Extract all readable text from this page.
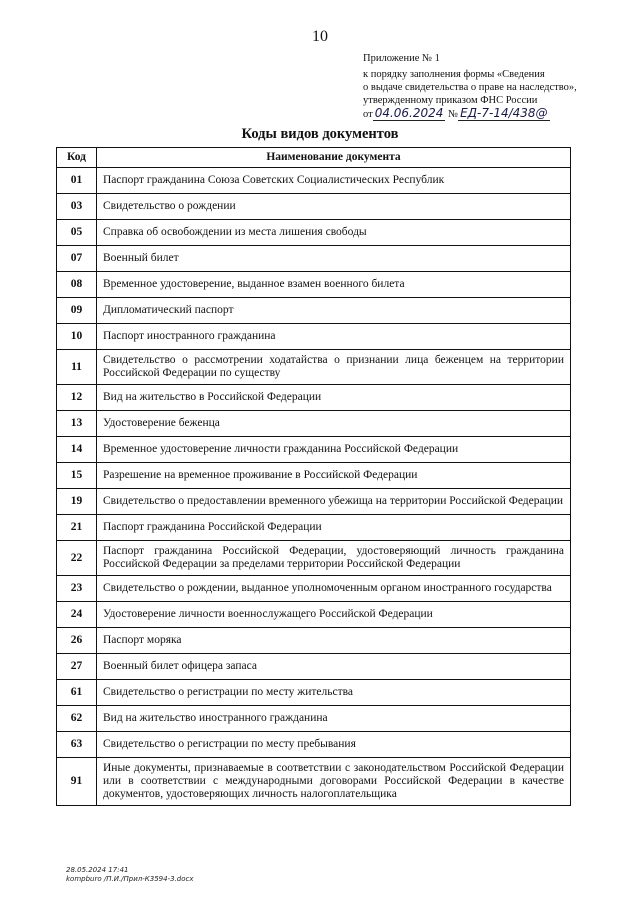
10
Приложение № 1
к порядку заполнения формы «Сведения
о выдаче свидетельства о праве на наследство»,
утвержденному приказом ФНС России
от 04.06.2024 № ЕД-7-14/438@
Коды видов документов
Код	Наименование документа
01	Паспорт гражданина Союза Советских Социалистических Республик
03	Свидетельство о рождении
05	Справка об освобождении из места лишения свободы
07	Военный билет
08	Временное удостоверение, выданное взамен военного билета
09	Дипломатический паспорт
10	Паспорт иностранного гражданина
11	Свидетельство о рассмотрении ходатайства о признании лица беженцем на территории Российской Федерации по существу
12	Вид на жительство в Российской Федерации
13	Удостоверение беженца
14	Временное удостоверение личности гражданина Российской Федерации
15	Разрешение на временное проживание в Российской Федерации
19	Свидетельство о предоставлении временного убежища на территории Российской Федерации
21	Паспорт гражданина Российской Федерации
22	Паспорт гражданина Российской Федерации, удостоверяющий личность гражданина Российской Федерации за пределами территории Российской Федерации
23	Свидетельство о рождении, выданное уполномоченным органом иностранного государства
24	Удостоверение личности военнослужащего Российской Федерации
26	Паспорт моряка
27	Военный билет офицера запаса
61	Свидетельство о регистрации по месту жительства
62	Вид на жительство иностранного гражданина
63	Свидетельство о регистрации по месту пребывания
91	Иные документы, признаваемые в соответствии с законодательством Российской Федерации или в соответствии с международными договорами Российской Федерации в качестве документов, удостоверяющих личность налогоплательщика
28.05.2024 17:41
kompburo /П.И./Прил-К3594-3.docx
